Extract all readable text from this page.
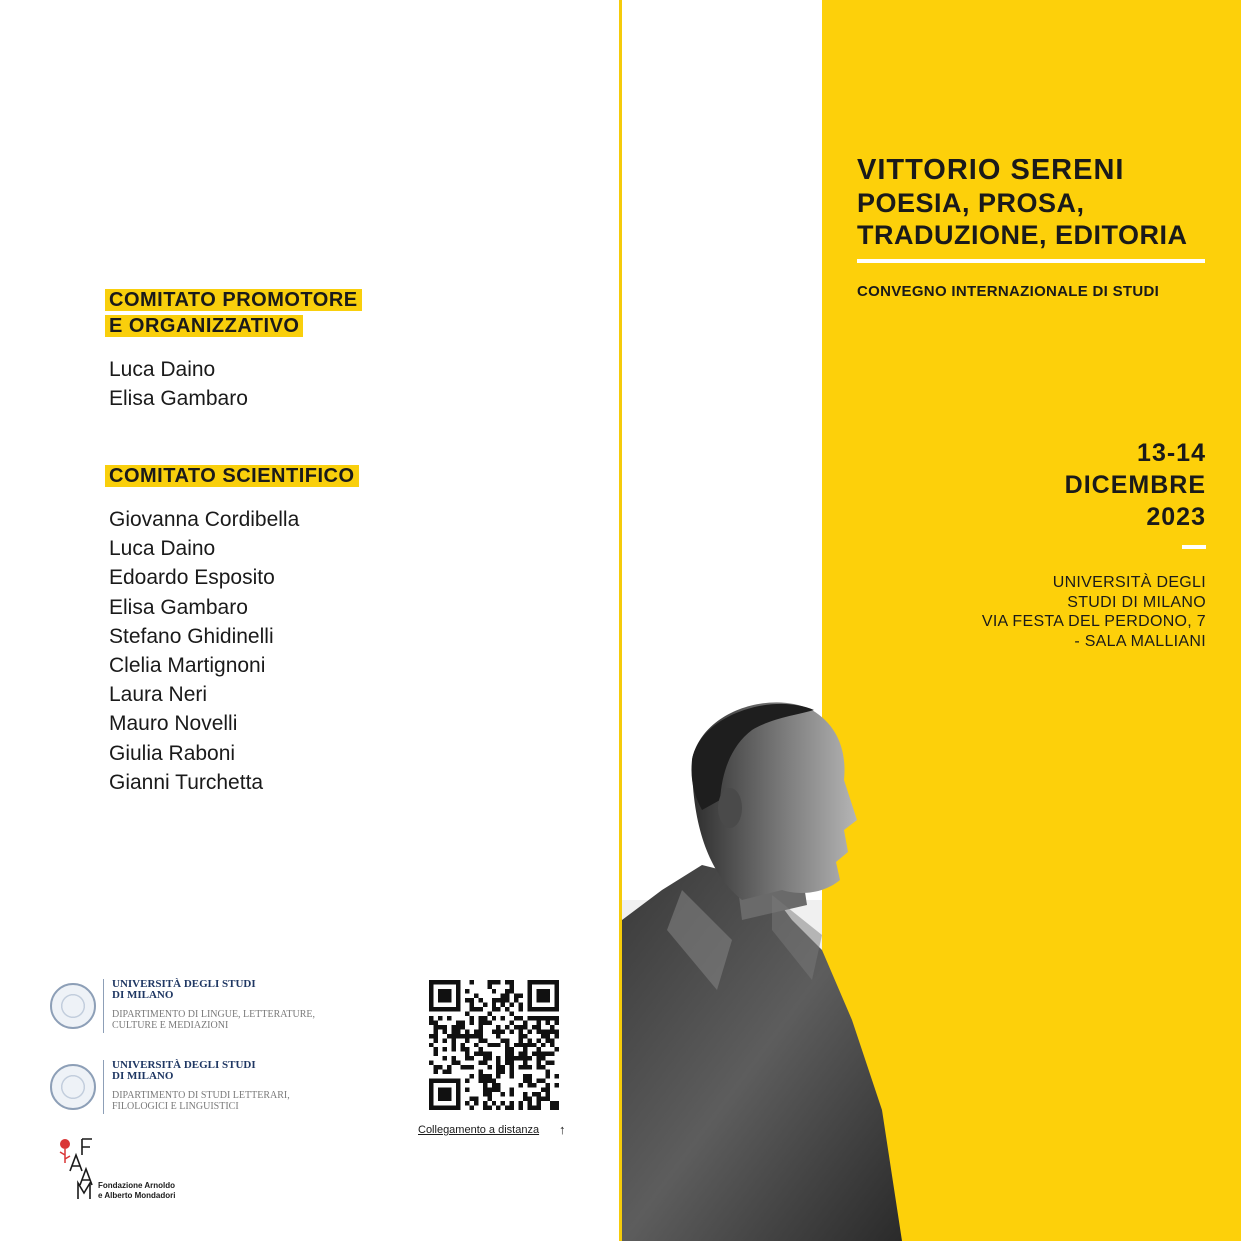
COMITATO PROMOTORE
E ORGANIZZATIVO
Luca Daino
Elisa Gambaro
COMITATO SCIENTIFICO
Giovanna Cordibella
Luca Daino
Edoardo Esposito
Elisa Gambaro
Stefano Ghidinelli
Clelia Martignoni
Laura Neri
Mauro Novelli
Giulia Raboni
Gianni Turchetta
UNIVERSITÀ DEGLI STUDI
DI MILANO
DIPARTIMENTO DI LINGUE, LETTERATURE,
CULTURE E MEDIAZIONI
UNIVERSITÀ DEGLI STUDI
DI MILANO
DIPARTIMENTO DI STUDI LETTERARI,
FILOLOGICI E LINGUISTICI
Fondazione Arnoldo
e Alberto Mondadori
Collegamento a distanza ↑
VITTORIO SERENI
POESIA, PROSA,
TRADUZIONE, EDITORIA
CONVEGNO INTERNAZIONALE DI STUDI
13-14
DICEMBRE
2023
UNIVERSITÀ DEGLI
STUDI DI MILANO
VIA FESTA DEL PERDONO, 7
- SALA MALLIANI
